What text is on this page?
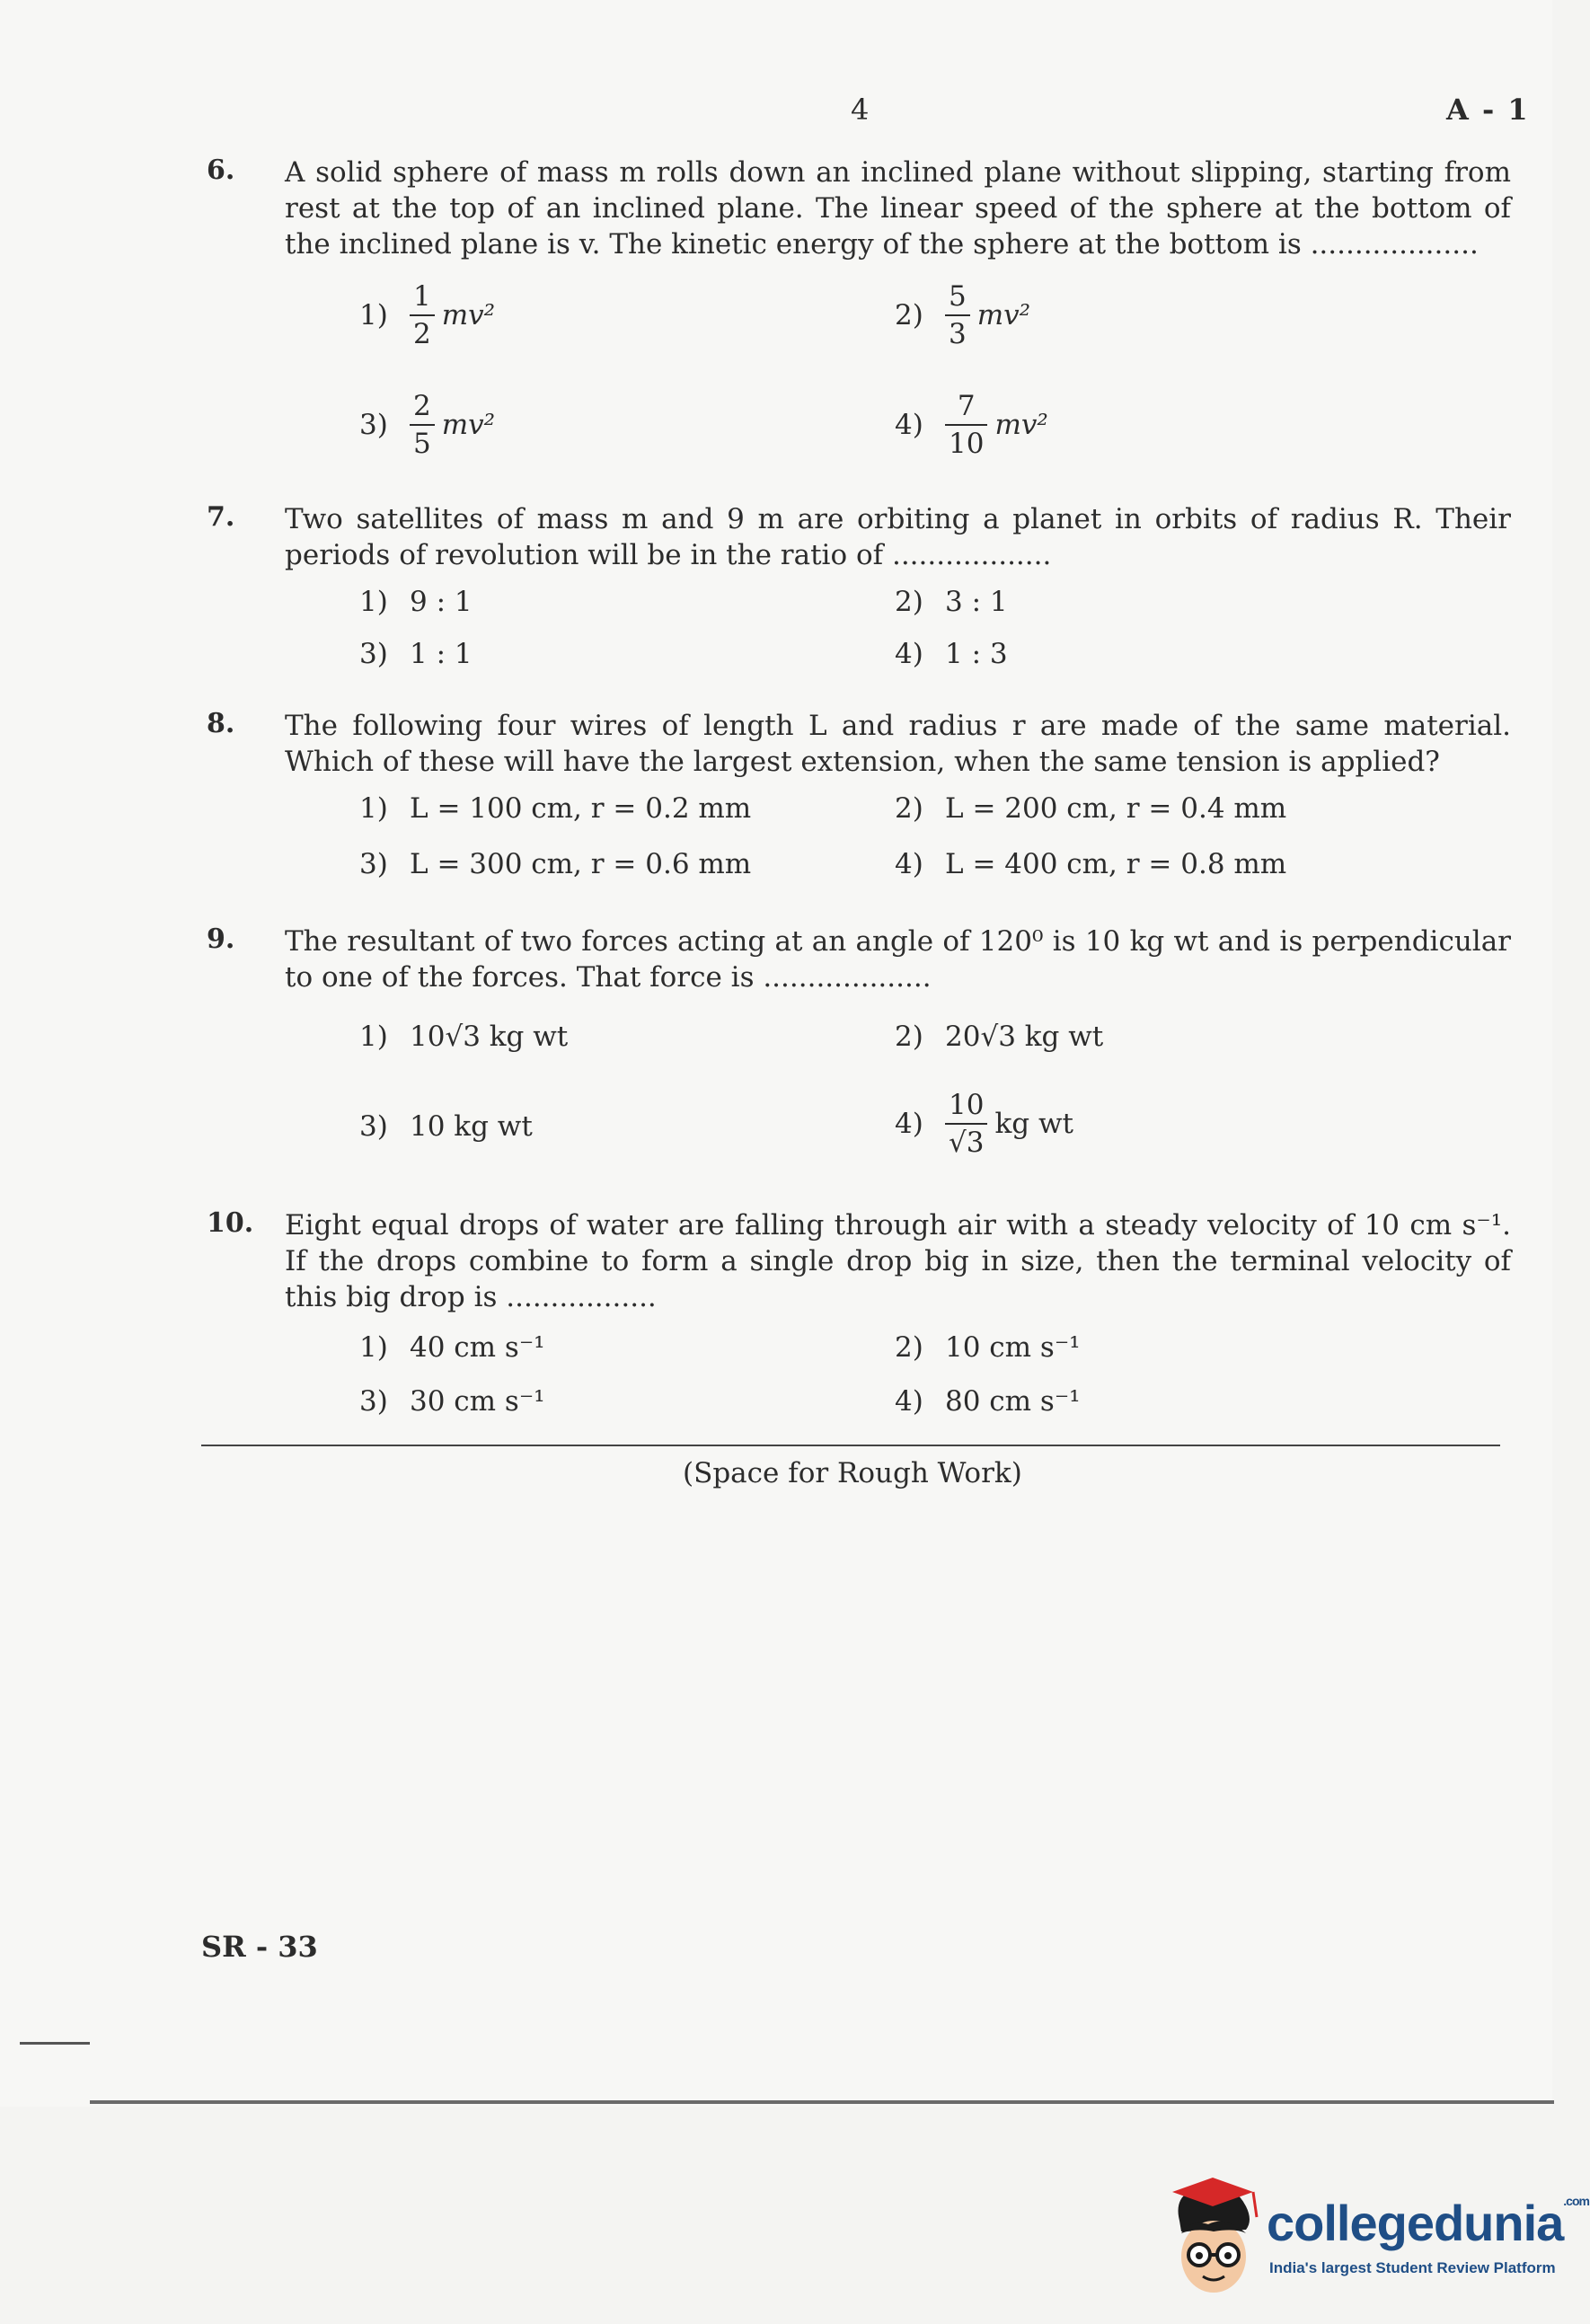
4	A - 1
6. A solid sphere of mass m rolls down an inclined plane without slipping, starting from rest at the top of an inclined plane. The linear speed of the sphere at the bottom of the inclined plane is v. The kinetic energy of the sphere at the bottom is ...................
$1) \frac{1}{2} mv^2$	$2) \frac{5}{3} mv^2$
$3) \frac{2}{5} mv^2$	$4) \frac{7}{10} mv^2$
7. Two satellites of mass m and 9 m are orbiting a planet in orbits of radius R. Their periods of revolution will be in the ratio of ..................
1) 9 : 1	2) 3 : 1
3) 1 : 1	4) 1 : 3
8. The following four wires of length L and radius r are made of the same material. Which of these will have the largest extension, when the same tension is applied?
1) L = 100 cm, r = 0.2 mm	2) L = 200 cm, r = 0.4 mm
3) L = 300 cm, r = 0.6 mm	4) L = 400 cm, r = 0.8 mm
9. The resultant of two forces acting at an angle of 120⁰ is 10 kg wt and is perpendicular to one of the forces. That force is ...................
1) 10√3 kg wt	2) 20√3 kg wt
3) 10 kg wt	$4) \frac{10}{√3}$ kg wt
10. Eight equal drops of water are falling through air with a steady velocity of 10 cm s⁻¹. If the drops combine to form a single drop big in size, then the terminal velocity of this big drop is .................
1) 40 cm s⁻¹	2) 10 cm s⁻¹
3) 30 cm s⁻¹	4) 80 cm s⁻¹
(Space for Rough Work)
SR - 33
collegedunia$^{.com}$
India's largest Student Review Platform
